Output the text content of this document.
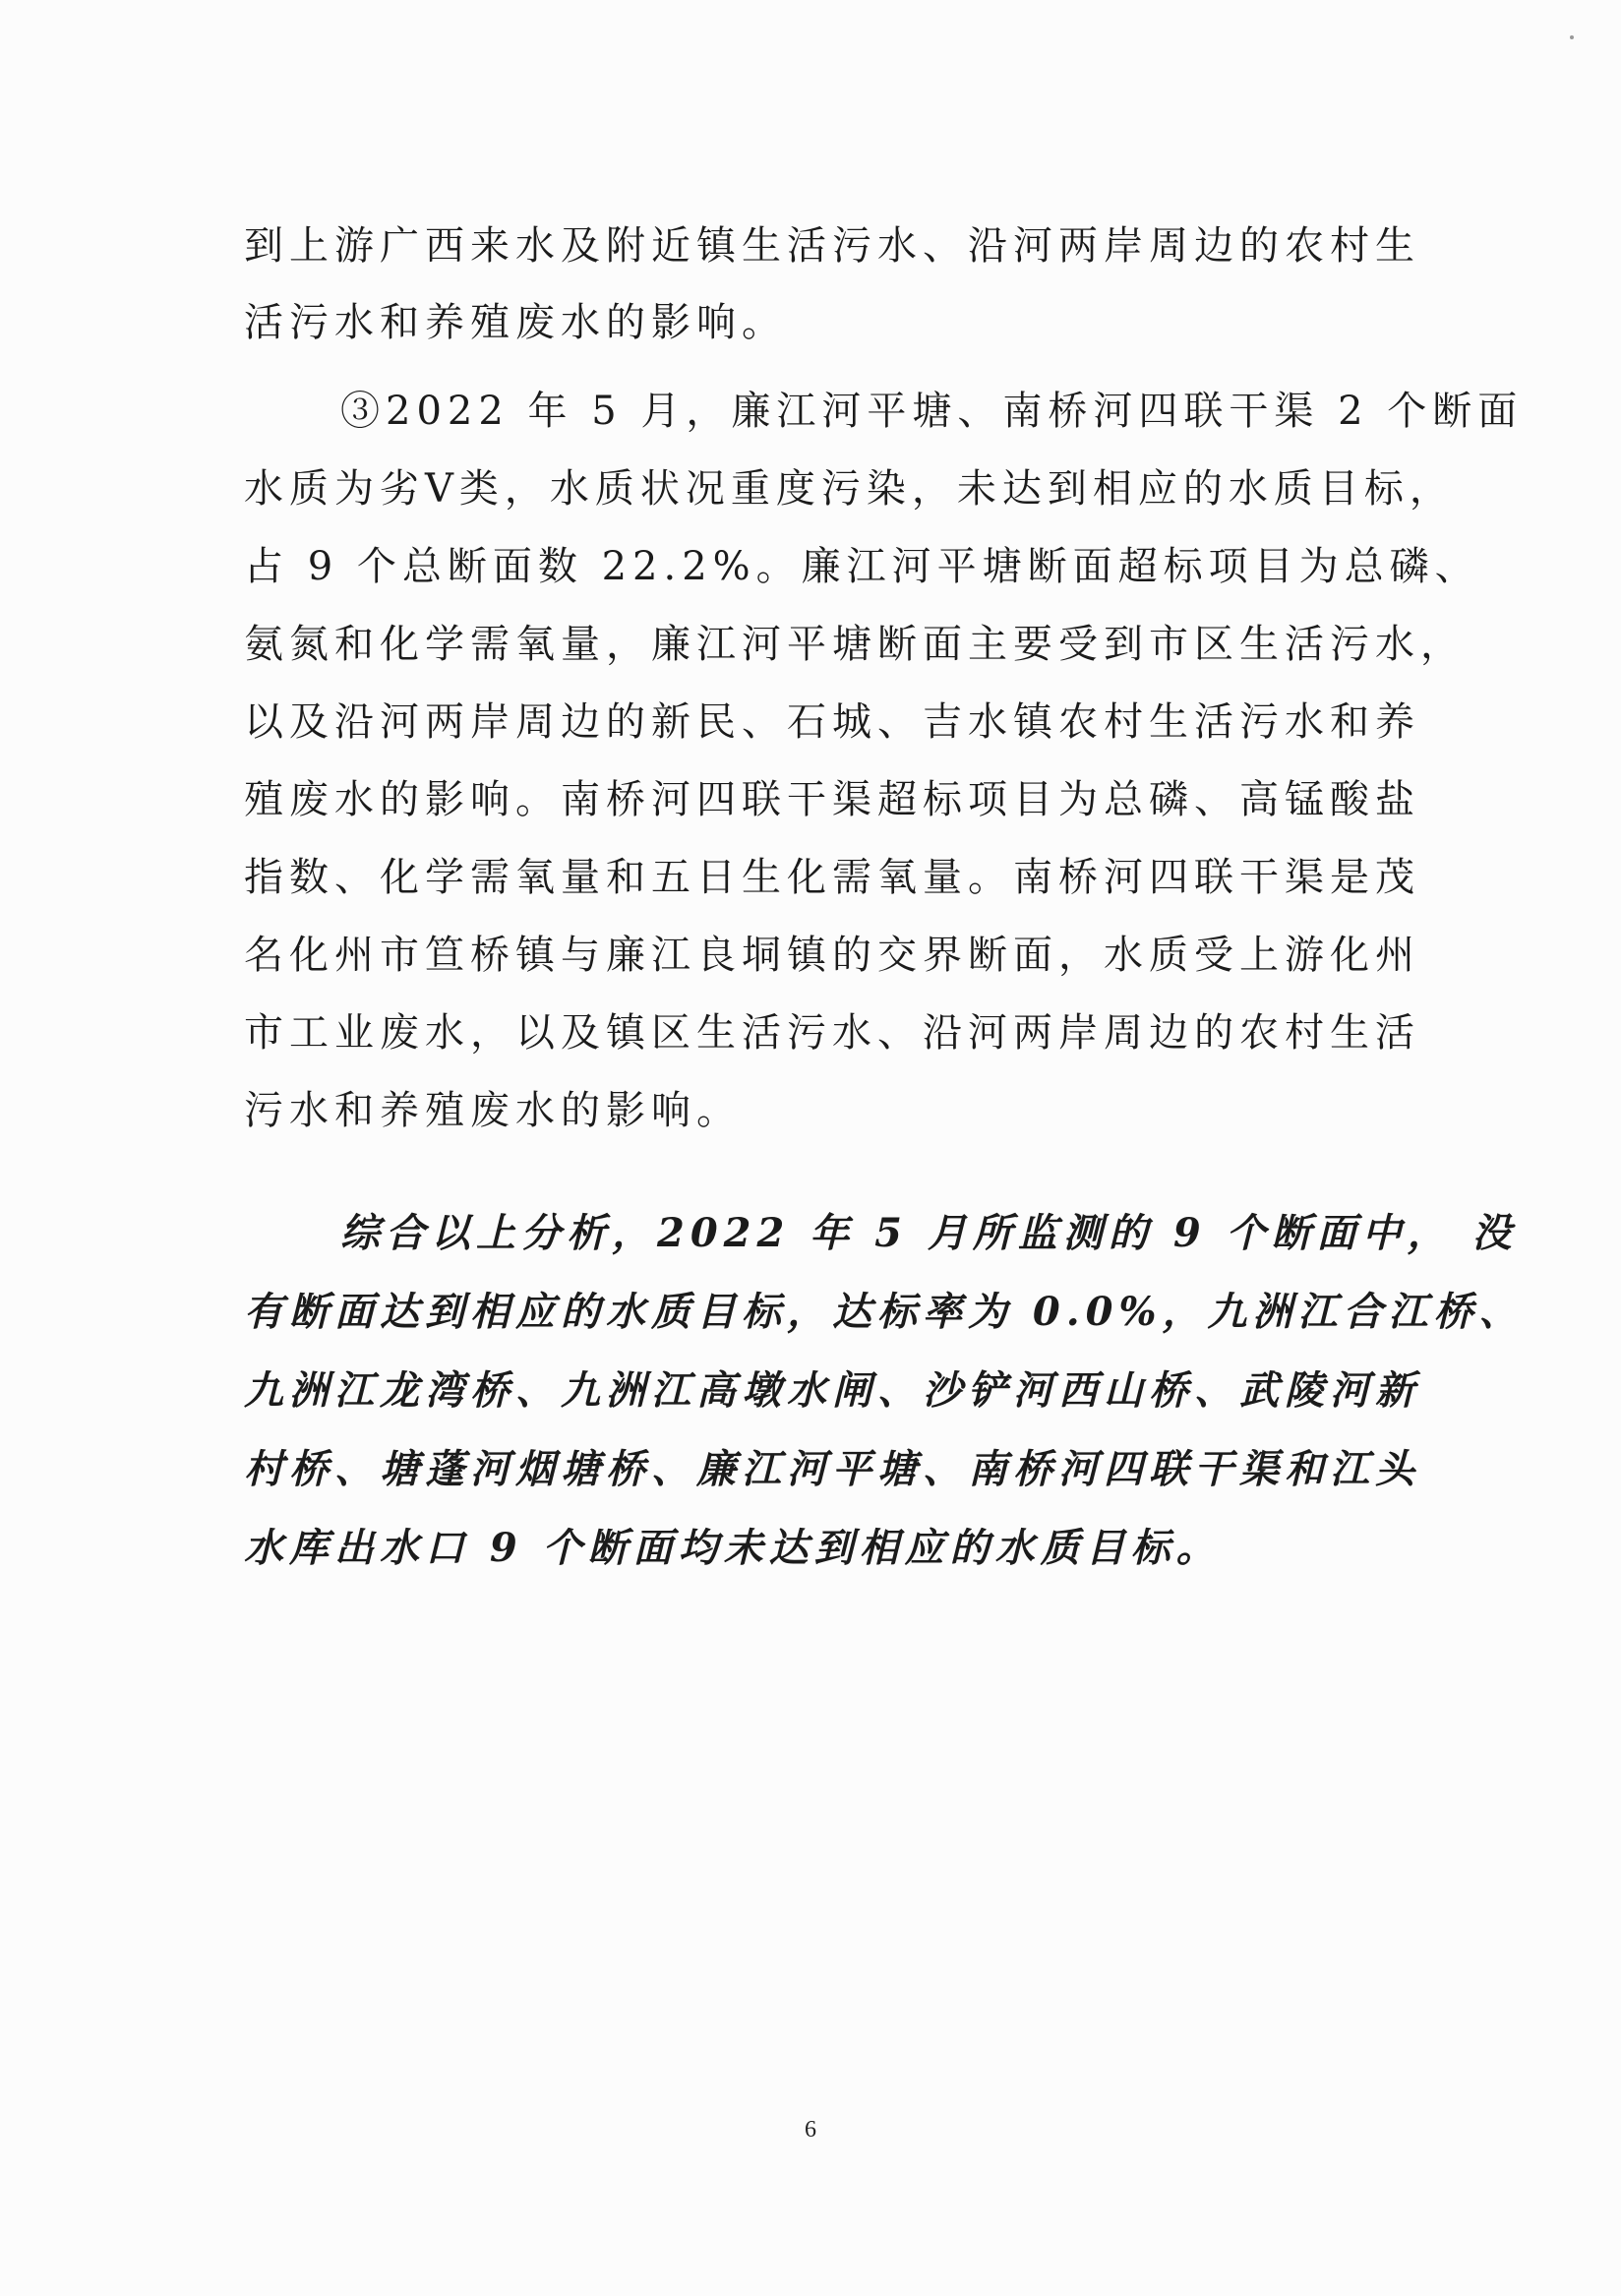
到上游广西来水及附近镇生活污水、沿河两岸周边的农村生
活污水和养殖废水的影响。
③2022 年 5 月，廉江河平塘、南桥河四联干渠 2 个断面
水质为劣Ⅴ类，水质状况重度污染，未达到相应的水质目标，
占 9 个总断面数 22.2%。廉江河平塘断面超标项目为总磷、
氨氮和化学需氧量，廉江河平塘断面主要受到市区生活污水，
以及沿河两岸周边的新民、石城、吉水镇农村生活污水和养
殖废水的影响。南桥河四联干渠超标项目为总磷、高锰酸盐
指数、化学需氧量和五日生化需氧量。南桥河四联干渠是茂
名化州市笪桥镇与廉江良垌镇的交界断面，水质受上游化州
市工业废水，以及镇区生活污水、沿河两岸周边的农村生活
污水和养殖废水的影响。
综合以上分析，2022 年 5 月所监测的 9 个断面中， 没
有断面达到相应的水质目标，达标率为 0.0%，九洲江合江桥、
九洲江龙湾桥、九洲江高墩水闸、沙铲河西山桥、武陵河新
村桥、塘蓬河烟塘桥、廉江河平塘、南桥河四联干渠和江头
水库出水口 9 个断面均未达到相应的水质目标。
6
